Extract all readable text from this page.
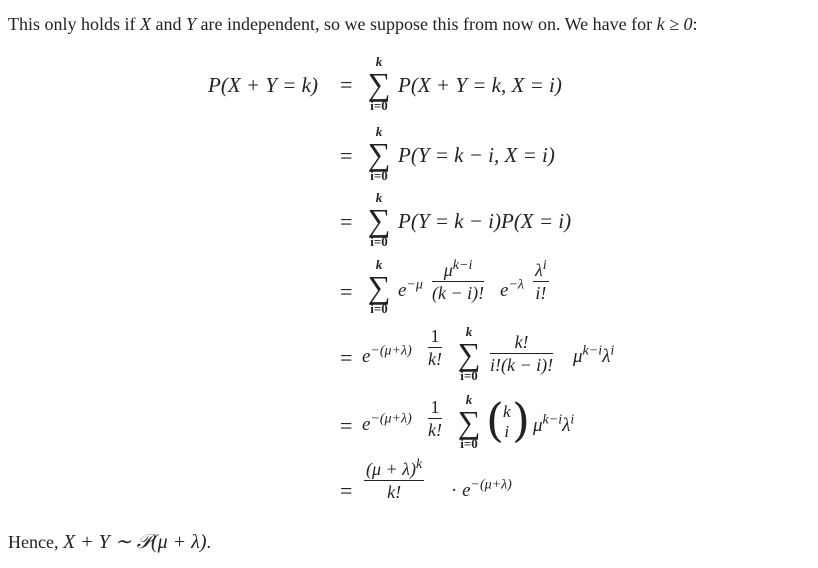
This only holds if X and Y are independent, so we suppose this from now on. We have for k ≥ 0:
P(X + Y = k) =
k
∑
i=0
P(X + Y = k, X = i)
=
k
∑
i=0
P(Y = k − i, X = i)
=
k
∑
i=0
P(Y = k − i)P(X = i)
=
k
∑
i=0
$e^{-\mu}$
$\mu^{k-i}$
(k − i)! $e^{-\lambda}$
$\lambda^i$
i!
= $e^{-(\mu+\lambda)}$
1
k!
k
∑
i=0
k!
i!(k − i)! $\mu^{k-i}\lambda^i$
= $e^{-(\mu+\lambda)}$
1
k!
k
∑
i=0 ( k
i ) $\mu^{k-i}\lambda^i$
=
$(\mu + \lambda)^k$
k!	· $e^{-(\mu+\lambda)}$
Hence, X + Y ∼ 𝒫(μ + λ).
